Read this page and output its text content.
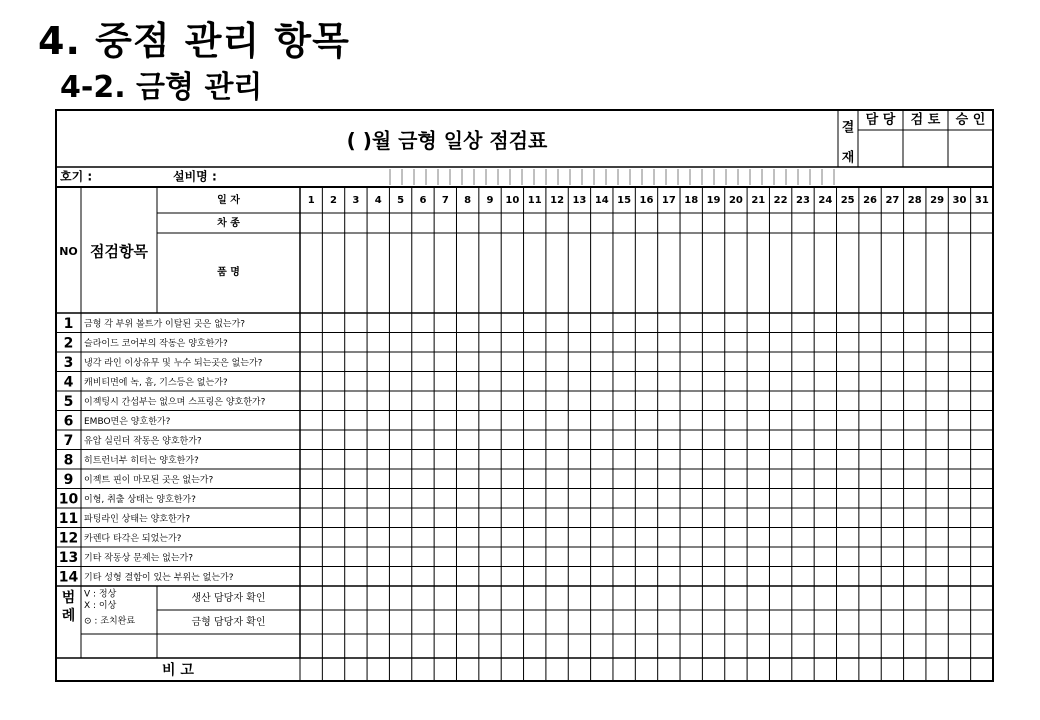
4. 중점 관리 항목
4-2. 금형 관리
결
재
담 당 검 토 승 인
( )월 금형 일상 점검표
호기 :	설비명 :
일 자
차 종
품 명
NO 점검항목
1 2 3 4 5 6 7 8 9 10 11 12 13 14 15 16 17 18 19 20 21 22 23 24 25 26 27 28 29 30 31
1 금형 각 부위 볼트가 이탈된 곳은 없는가?
2 슬라이드 코어부의 작동은 양호한가?
3 냉각 라인 이상유무 및 누수 되는곳은 없는가?
4 캐비티면에 녹, 흠, 기스등은 없는가?
5 이젝팅시 간섭부는 없으며 스프링은 양호한가?
6 EMBO면은 양호한가?
7 유압 실린더 작동은 양호한가?
8 히트런너부 히터는 양호한가?
9 이젝트 핀이 마모된 곳은 없는가?
10 이형, 취출 상태는 양호한가?
11 파팅라인 상태는 양호한가?
12 카렌다 타각은 되었는가?
13 기타 작동상 문제는 없는가?
14 기타 성형 결함이 있는 부위는 없는가?
범
례
V : 정상
X : 이상
⊙ : 조치완료
생산 담당자 확인
금형 담당자 확인
비 고
